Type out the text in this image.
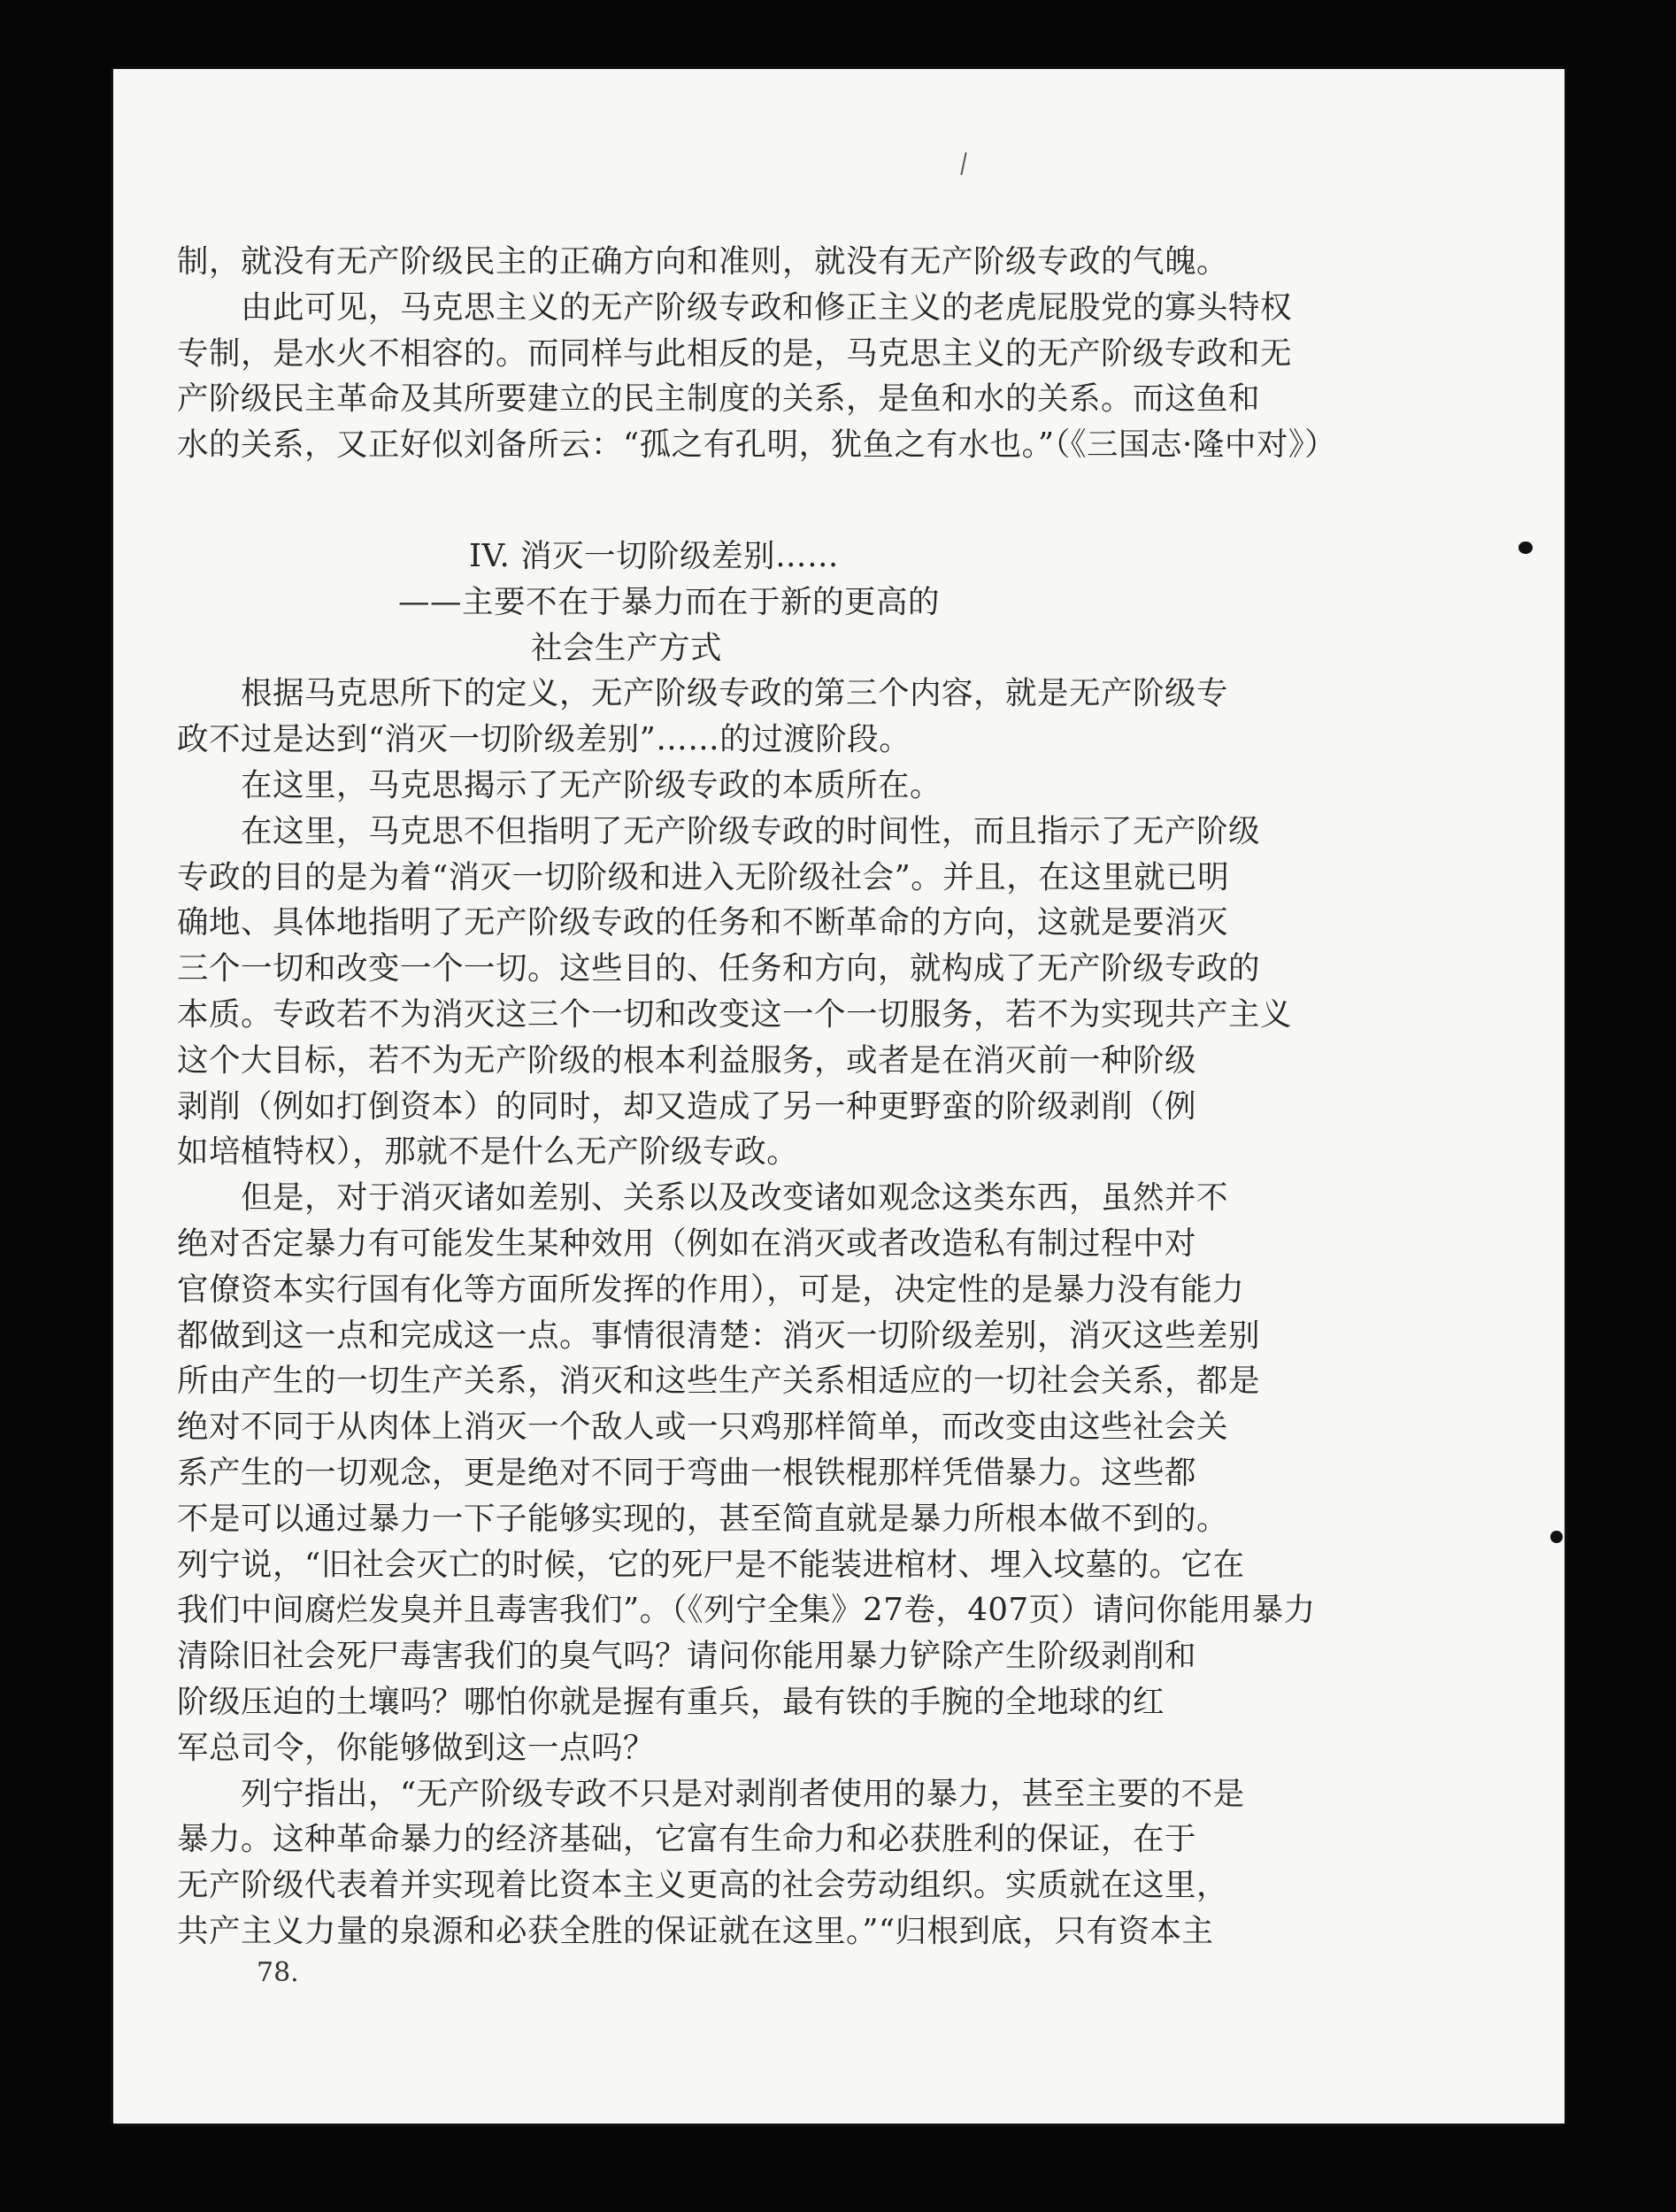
制，就没有无产阶级民主的正确方向和准则，就没有无产阶级专政的气魄。
由此可见，马克思主义的无产阶级专政和修正主义的老虎屁股党的寡头特权
专制，是水火不相容的。而同样与此相反的是，马克思主义的无产阶级专政和无
产阶级民主革命及其所要建立的民主制度的关系，是鱼和水的关系。而这鱼和
水的关系，又正好似刘备所云：“孤之有孔明，犹鱼之有水也。”（《三国志·隆中对》）
IV. 消灭一切阶级差别……
——主要不在于暴力而在于新的更高的
社会生产方式
根据马克思所下的定义，无产阶级专政的第三个内容，就是无产阶级专
政不过是达到“消灭一切阶级差别”……的过渡阶段。
在这里，马克思揭示了无产阶级专政的本质所在。
在这里，马克思不但指明了无产阶级专政的时间性，而且指示了无产阶级
专政的目的是为着“消灭一切阶级和进入无阶级社会”。并且，在这里就已明
确地、具体地指明了无产阶级专政的任务和不断革命的方向，这就是要消灭
三个一切和改变一个一切。这些目的、任务和方向，就构成了无产阶级专政的
本质。专政若不为消灭这三个一切和改变这一个一切服务，若不为实现共产主义
这个大目标，若不为无产阶级的根本利益服务，或者是在消灭前一种阶级
剥削（例如打倒资本）的同时，却又造成了另一种更野蛮的阶级剥削（例
如培植特权），那就不是什么无产阶级专政。
但是，对于消灭诸如差别、关系以及改变诸如观念这类东西，虽然并不
绝对否定暴力有可能发生某种效用（例如在消灭或者改造私有制过程中对
官僚资本实行国有化等方面所发挥的作用），可是，决定性的是暴力没有能力
都做到这一点和完成这一点。事情很清楚：消灭一切阶级差别，消灭这些差别
所由产生的一切生产关系，消灭和这些生产关系相适应的一切社会关系，都是
绝对不同于从肉体上消灭一个敌人或一只鸡那样简单，而改变由这些社会关
系产生的一切观念，更是绝对不同于弯曲一根铁棍那样凭借暴力。这些都
不是可以通过暴力一下子能够实现的，甚至简直就是暴力所根本做不到的。
列宁说，“旧社会灭亡的时候，它的死尸是不能装进棺材、埋入坟墓的。它在
我们中间腐烂发臭并且毒害我们”。（《列宁全集》27卷，407页）请问你能用暴力
清除旧社会死尸毒害我们的臭气吗？请问你能用暴力铲除产生阶级剥削和
阶级压迫的土壤吗？哪怕你就是握有重兵，最有铁的手腕的全地球的红
军总司令，你能够做到这一点吗？
列宁指出，“无产阶级专政不只是对剥削者使用的暴力，甚至主要的不是
暴力。这种革命暴力的经济基础，它富有生命力和必获胜利的保证，在于
无产阶级代表着并实现着比资本主义更高的社会劳动组织。实质就在这里，
共产主义力量的泉源和必获全胜的保证就在这里。”“归根到底，只有资本主
78.
